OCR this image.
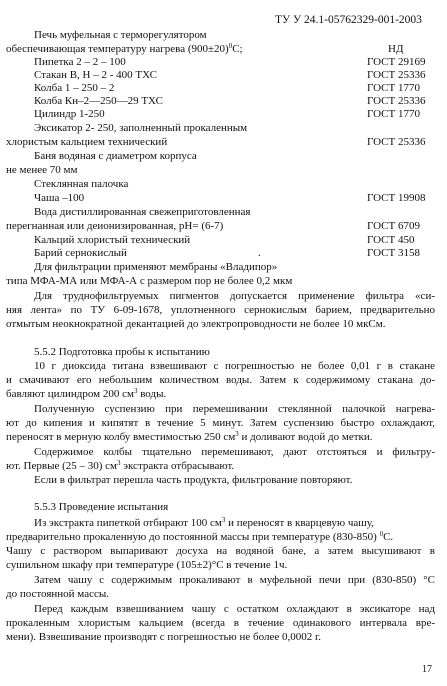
ТУ У 24.1-05762329-001-2003
Печь муфельная с терморегулятором
обеспечивающая температуру нагрева $(900\pm 20)^0С$;	НД
Пипетка 2 – 2 – 100	ГОСТ 29169
Стакан В, Н – 2 - 400 ТХС	ГОСТ 25336
Колба 1 – 250 – 2	ГОСТ 1770
Колба Кн–2—250—29 ТХС	ГОСТ 25336
Цилиндр 1-250	ГОСТ 1770
Эксикатор 2- 250, заполненный прокаленным
хлористым кальцием технический	ГОСТ 25336
Баня водяная с диаметром корпуса
не менее 70 мм
Стеклянная палочка
Чаша –100	ГОСТ 19908
Вода дистиллированная свежеприготовленная
перегнанная или деионизированная, pH= (6-7)	ГОСТ 6709
Кальций хлористый технический	ГОСТ 450
Барий сернокислый	.	ГОСТ 3158
Для фильтрации применяют мембраны «Владипор»
типа МФА-МА или МФА-А с размером пор не более 0,2 мкм
Для труднофильтруемых пигментов допускается применение фильтра «си-
няя лента» по ТУ 6-09-1678, уплотненного сернокислым барием, предварительно
отмытым неокнократной декантацией до электропроводности не более 10 мкСм.
5.5.2 Подготовка пробы к испытанию
10 г диоксида титана взвешивают с погрешностью не более 0,01 г в стакане
и смачивают его небольшим количеством воды. Затем к содержимому стакана до-
бавляют цилиндром 200 $см^3$ воды.
Полученную суспензию при перемешивании стеклянной палочкой нагрева-
ют до кипения и кипятят в течение 5 минут. Затем суспензию быстро охлаждают,
переносят в мерную колбу вместимостью 250 $см^3$ и доливают водой до метки.
Содержимое колбы тщательно перемешивают, дают отстояться и фильтру-
ют. Первые (25 – 30) $см^3$ экстракта отбрасывают.
Если в фильтрат перешла часть продукта, фильтрование повторяют.
5.5.3 Проведение испытания
Из экстракта пипеткой отбирают 100 $см^3$ и переносят в кварцевую чашу,
предварительно прокаленную до постоянной массы при температуре (830-850) $^0$С.
Чашу с раствором выпаривают досуха на водяной бане, а затем высушивают в
сушильном шкафу при температуре (105±2)°С в течение 1ч.
Затем чашу с содержимым прокаливают в муфельной печи при (830-850) °С
до постоянной массы.
Перед каждым взвешиванием чашу с остатком охлаждают в эксикаторе над
прокаленным хлористым кальцием (всегда в течение одинакового интервала вре-
мени). Взвешивание производят с погрешностью не более 0,0002 г.
17
